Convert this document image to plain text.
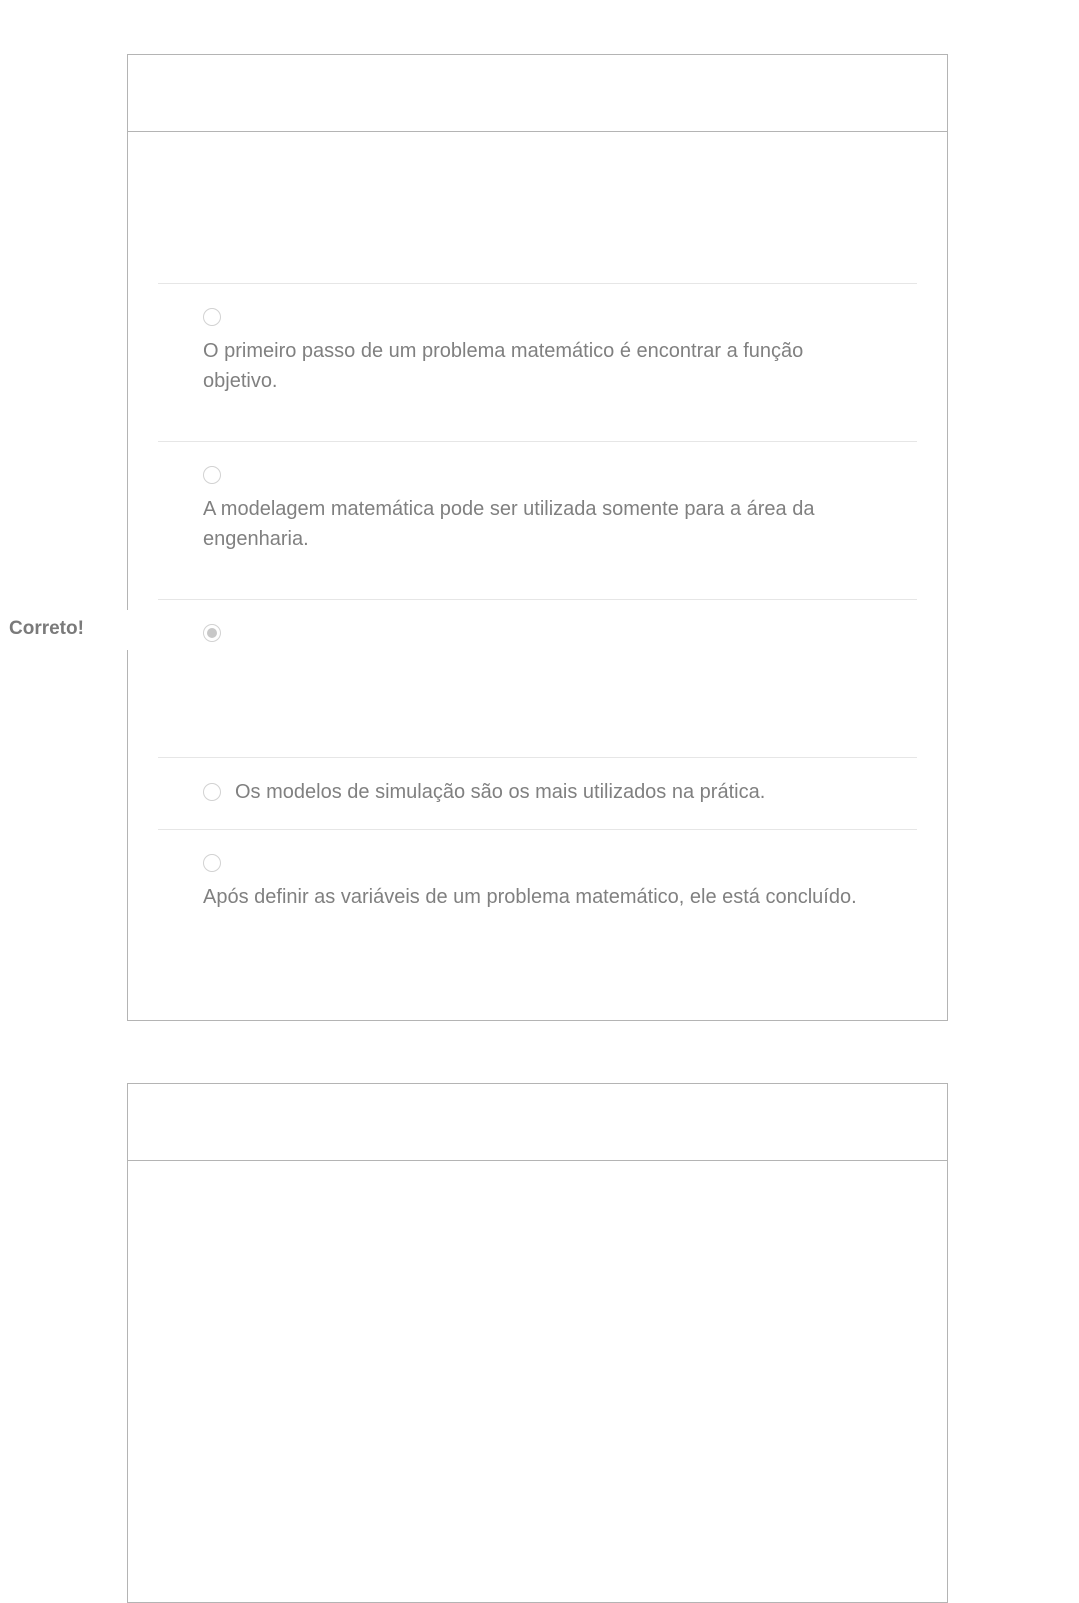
O primeiro passo de um problema matemático é encontrar a função objetivo.
A modelagem matemática pode ser utilizada somente para a área da engenharia.
Os modelos de simulação são os mais utilizados na prática.
Após definir as variáveis de um problema matemático, ele está concluído.
Correto!
